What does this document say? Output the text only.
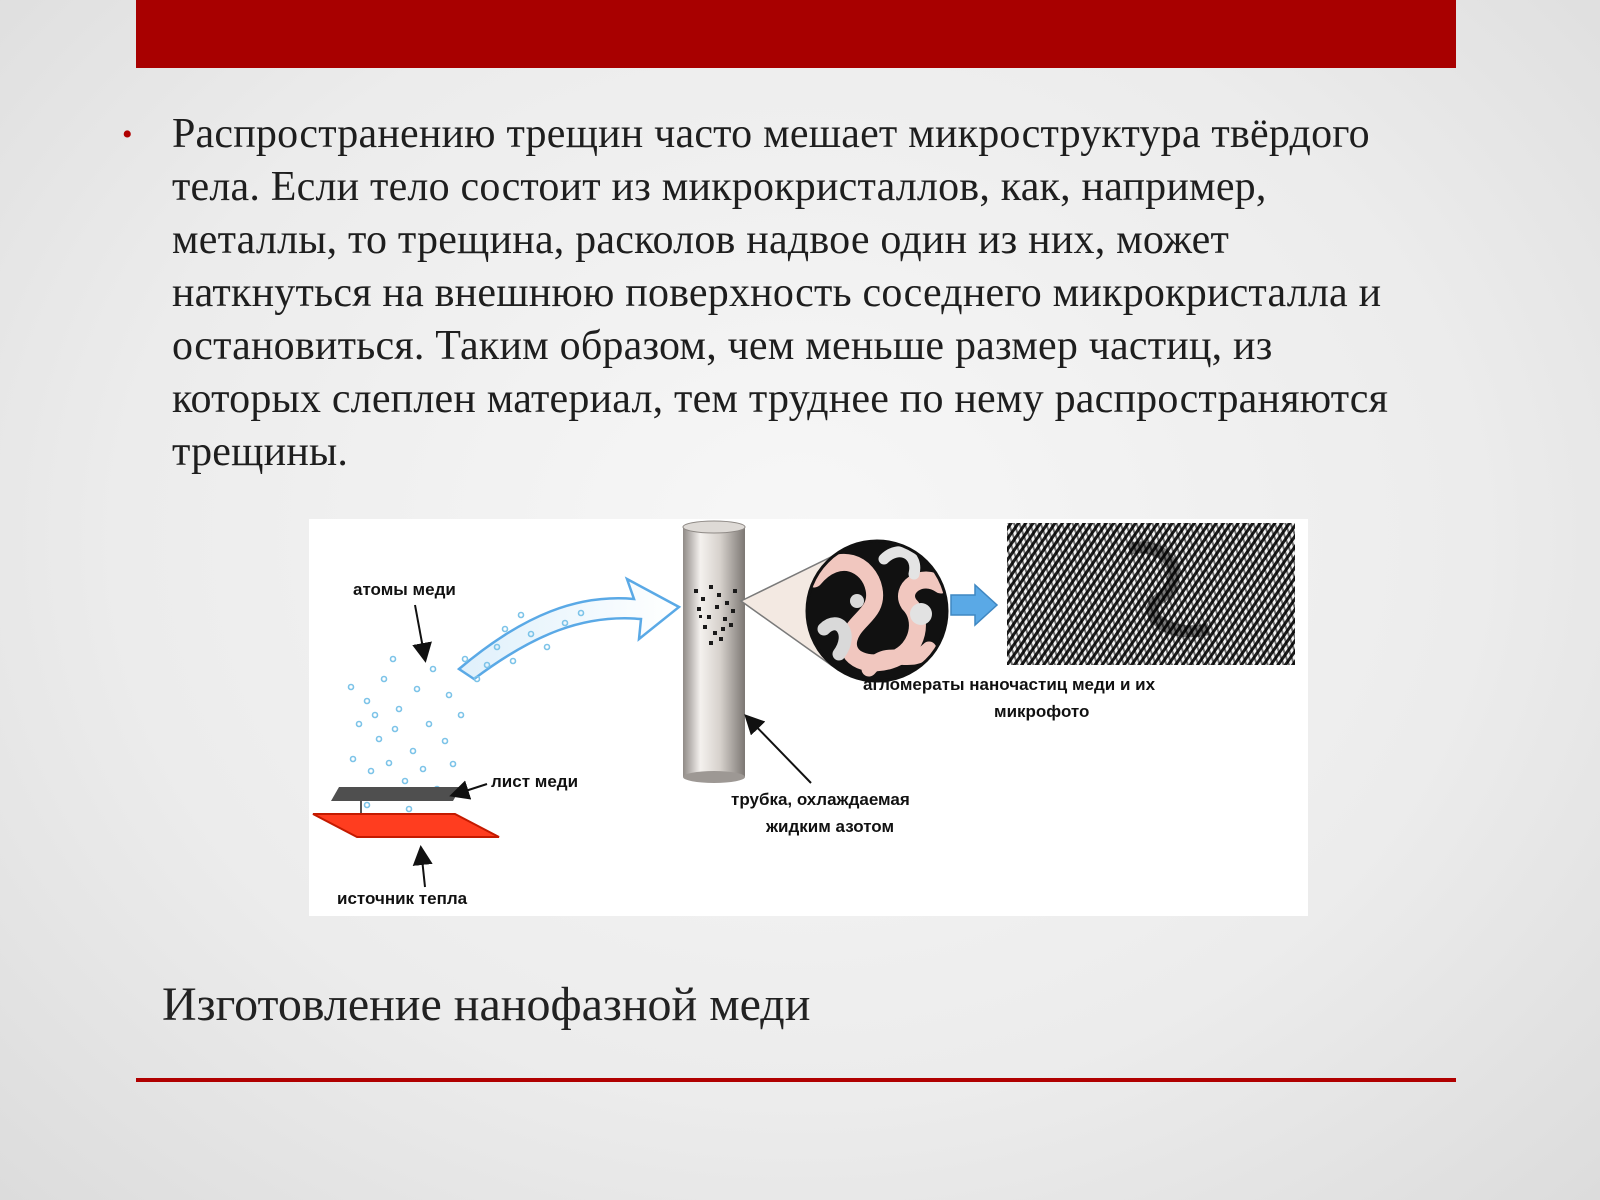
• Распространению трещин часто мешает микроструктура твёрдого тела. Если тело состоит из микрокристаллов, как, например, металлы, то трещина, расколов надвое один из них, может наткнуться на внешнюю поверхность соседнего микрокристалла и остановиться. Таким образом, чем меньше размер частиц, из которых слеплен материал, тем труднее по нему распространяются трещины.

атомы меди
лист меди
источник тепла
трубка, охлаждаемая
жидким азотом
агломераты наночастиц меди и их
микрофото
Изготовление нанофазной меди
